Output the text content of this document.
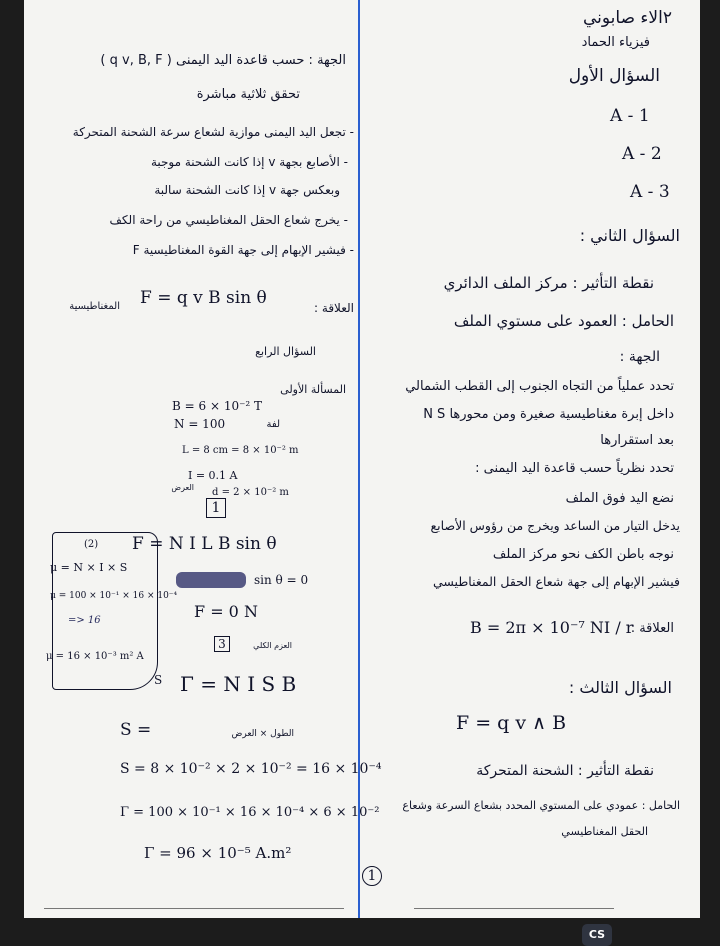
٢الاء صابوني
فيزياء الحماد
السؤال الأول
A - 1
A - 2
A - 3
السؤال الثاني :
نقطة التأثير : مركز الملف الدائري
الحامل : العمود على مستوي الملف
الجهة :
تحدد عملياً من التجاه الجنوب إلى القطب الشمالي
داخل إبرة مغناطيسية صغيرة ومن محورها N S
بعد استقرارها
تحدد نظرياً حسب قاعدة اليد اليمنى :
نضع اليد فوق الملف
يدخل التيار من الساعد ويخرج من رؤوس الأصابع
نوجه باطن الكف نحو مركز الملف
فيشير الإبهام إلى جهة شعاع الحقل المغناطيسي
العلاقة :
B = 2π × 10⁻⁷ NI / r
السؤال الثالث :
F = q v ∧ B
نقطة التأثير : الشحنة المتحركة
الحامل : عمودي على المستوي المحدد بشعاع السرعة وشعاع
الحقل المغناطيسي
الجهة : حسب قاعدة اليد اليمنى ( q v, B, F )
تحقق ثلاثية مباشرة
- تجعل اليد اليمنى موازية لشعاع سرعة الشحنة المتحركة
- الأصابع بجهة v إذا كانت الشحنة موجبة
وبعكس جهة v إذا كانت الشحنة سالبة
- يخرج شعاع الحقل المغناطيسي من راحة الكف
- فيشير الإبهام إلى جهة القوة المغناطيسية F
العلاقة :
F = q v B sin θ
المغناطيسية
السؤال الرابع
المسألة الأولى
B = 6 × 10⁻² T
N = 100	لفة
L = 8 cm = 8 × 10⁻² m
I = 0.1 A
العرض d = 2 × 10⁻² m
1
(2) F = N I L B sin θ
μ = N × I × S
sin θ = 0
μ = 100 × 10⁻¹ × 16 × 10⁻⁴
F = 0 N
=> 16
3	العزم الكلي
μ = 16 × 10⁻³ m² A
S Γ = N I S B
S =	الطول × العرض
S = 8 × 10⁻² × 2 × 10⁻² = 16 × 10⁻⁴
Γ = 100 × 10⁻¹ × 16 × 10⁻⁴ × 6 × 10⁻²
Γ = 96 × 10⁻⁵ A.m²
1
CS
